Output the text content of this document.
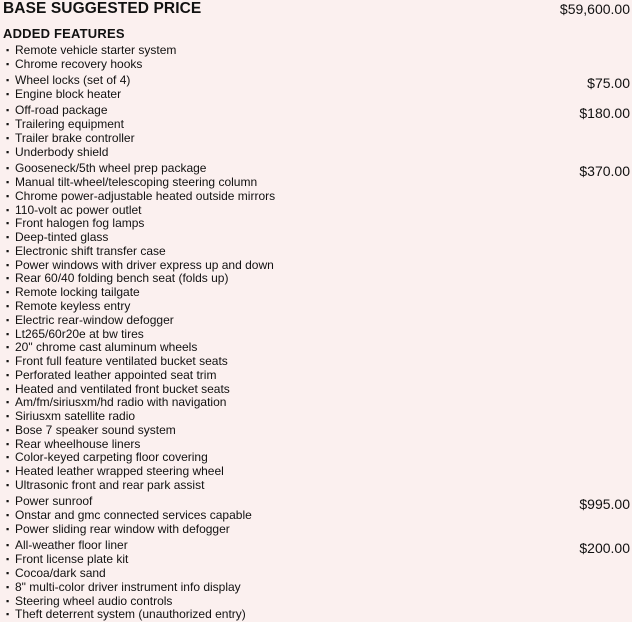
BASE SUGGESTED PRICE	$59,600.00
ADDED FEATURES
▪ Remote vehicle starter system
▪ Chrome recovery hooks
▪ Wheel locks (set of 4)	$75.00
▪ Engine block heater
▪ Off-road package	$180.00
▪ Trailering equipment
▪ Trailer brake controller
▪ Underbody shield
▪ Gooseneck/5th wheel prep package	$370.00
▪ Manual tilt-wheel/telescoping steering column
▪ Chrome power-adjustable heated outside mirrors
▪ 110-volt ac power outlet
▪ Front halogen fog lamps
▪ Deep-tinted glass
▪ Electronic shift transfer case
▪ Power windows with driver express up and down
▪ Rear 60/40 folding bench seat (folds up)
▪ Remote locking tailgate
▪ Remote keyless entry
▪ Electric rear-window defogger
▪ Lt265/60r20e at bw tires
▪ 20" chrome cast aluminum wheels
▪ Front full feature ventilated bucket seats
▪ Perforated leather appointed seat trim
▪ Heated and ventilated front bucket seats
▪ Am/fm/siriusxm/hd radio with navigation
▪ Siriusxm satellite radio
▪ Bose 7 speaker sound system
▪ Rear wheelhouse liners
▪ Color-keyed carpeting floor covering
▪ Heated leather wrapped steering wheel
▪ Ultrasonic front and rear park assist
▪ Power sunroof	$995.00
▪ Onstar and gmc connected services capable
▪ Power sliding rear window with defogger
▪ All-weather floor liner	$200.00
▪ Front license plate kit
▪ Cocoa/dark sand
▪ 8" multi-color driver instrument info display
▪ Steering wheel audio controls
▪ Theft deterrent system (unauthorized entry)
